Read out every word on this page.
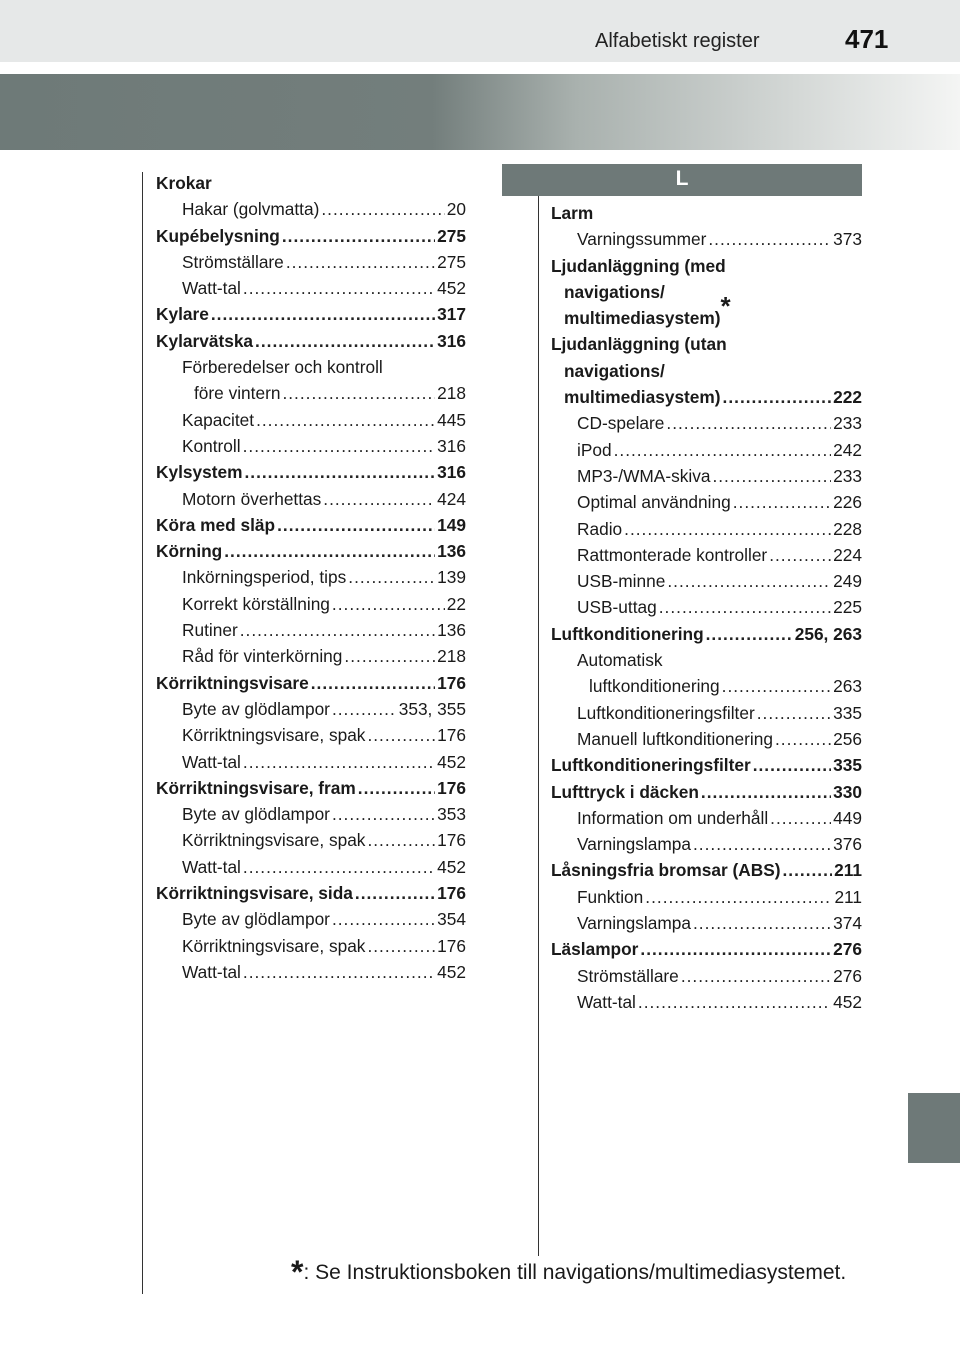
Alfabetiskt register	471
L
Krokar
Hakar (golvmatta) .....	20
Kupébelysning .....	275
Strömställare .....	275
Watt-tal .....	452
Kylare .....	317
Kylarvätska .....	316
Förberedelser och kontroll
före vintern .....	218
Kapacitet .....	445
Kontroll .....	316
Kylsystem .....	316
Motorn överhettas .....	424
Köra med släp .....	149
Körning .....	136
Inkörningsperiod, tips .....	139
Korrekt körställning .....	22
Rutiner .....	136
Råd för vinterkörning .....	218
Körriktningsvisare .....	176
Byte av glödlampor .....	353, 355
Körriktningsvisare, spak .....	176
Watt-tal .....	452
Körriktningsvisare, fram .....	176
Byte av glödlampor .....	353
Körriktningsvisare, spak .....	176
Watt-tal .....	452
Körriktningsvisare, sida .....	176
Byte av glödlampor .....	354
Körriktningsvisare, spak .....	176
Watt-tal .....	452
Larm
Varningssummer .....	373
Ljudanläggning (med
navigations/
multimediasystem)*
Ljudanläggning (utan
navigations/
multimediasystem) .....	222
CD-spelare .....	233
iPod .....	242
MP3-/WMA-skiva .....	233
Optimal användning .....	226
Radio .....	228
Rattmonterade kontroller .....	224
USB-minne .....	249
USB-uttag .....	225
Luftkonditionering .....	256, 263
Automatisk
luftkonditionering .....	263
Luftkonditioneringsfilter .....	335
Manuell luftkonditionering .....	256
Luftkonditioneringsfilter .....	335
Lufttryck i däcken .....	330
Information om underhåll .....	449
Varningslampa .....	376
Låsningsfria bromsar (ABS) .....	211
Funktion .....	211
Varningslampa .....	374
Läslampor .....	276
Strömställare .....	276
Watt-tal .....	452
*: Se Instruktionsboken till navigations/multimediasystemet.
